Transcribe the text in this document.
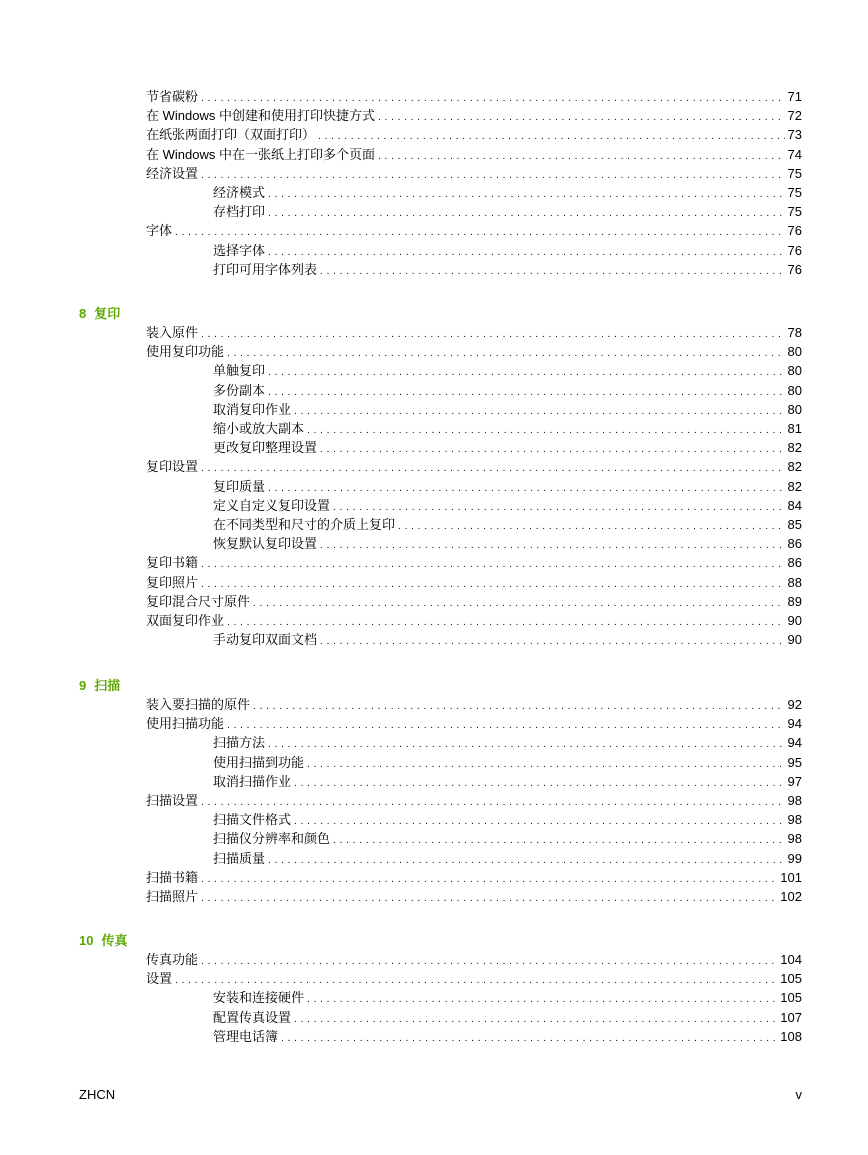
8 复印
9 扫描
10 传真
节省碳粉 . . .	71
在 Windows 中创建和使用打印快捷方式 . . .	72
在纸张两面打印（双面打印） . . .	73
在 Windows 中在一张纸上打印多个页面 . . .	74
经济设置 . . .	75
经济模式 . . .	75
存档打印 . . .	75
字体 . . .	76
选择字体 . . .	76
打印可用字体列表 . . .	76
装入原件 . . .	78
使用复印功能 . . .	80
单触复印 . . .	80
多份副本 . . .	80
取消复印作业 . . .	80
缩小或放大副本 . . .	81
更改复印整理设置 . . .	82
复印设置 . . .	82
复印质量 . . .	82
定义自定义复印设置 . . .	84
在不同类型和尺寸的介质上复印 . . .	85
恢复默认复印设置 . . .	86
复印书籍 . . .	86
复印照片 . . .	88
复印混合尺寸原件 . . .	89
双面复印作业 . . .	90
手动复印双面文档 . . .	90
装入要扫描的原件 . . .	92
使用扫描功能 . . .	94
扫描方法 . . .	94
使用扫描到功能 . . .	95
取消扫描作业 . . .	97
扫描设置 . . .	98
扫描文件格式 . . .	98
扫描仪分辨率和颜色 . . .	98
扫描质量 . . .	99
扫描书籍 . . .	101
扫描照片 . . .	102
传真功能 . . .	104
设置 . . .	105
安装和连接硬件 . . .	105
配置传真设置 . . .	107
管理电话簿 . . .	108
ZHCN	v
